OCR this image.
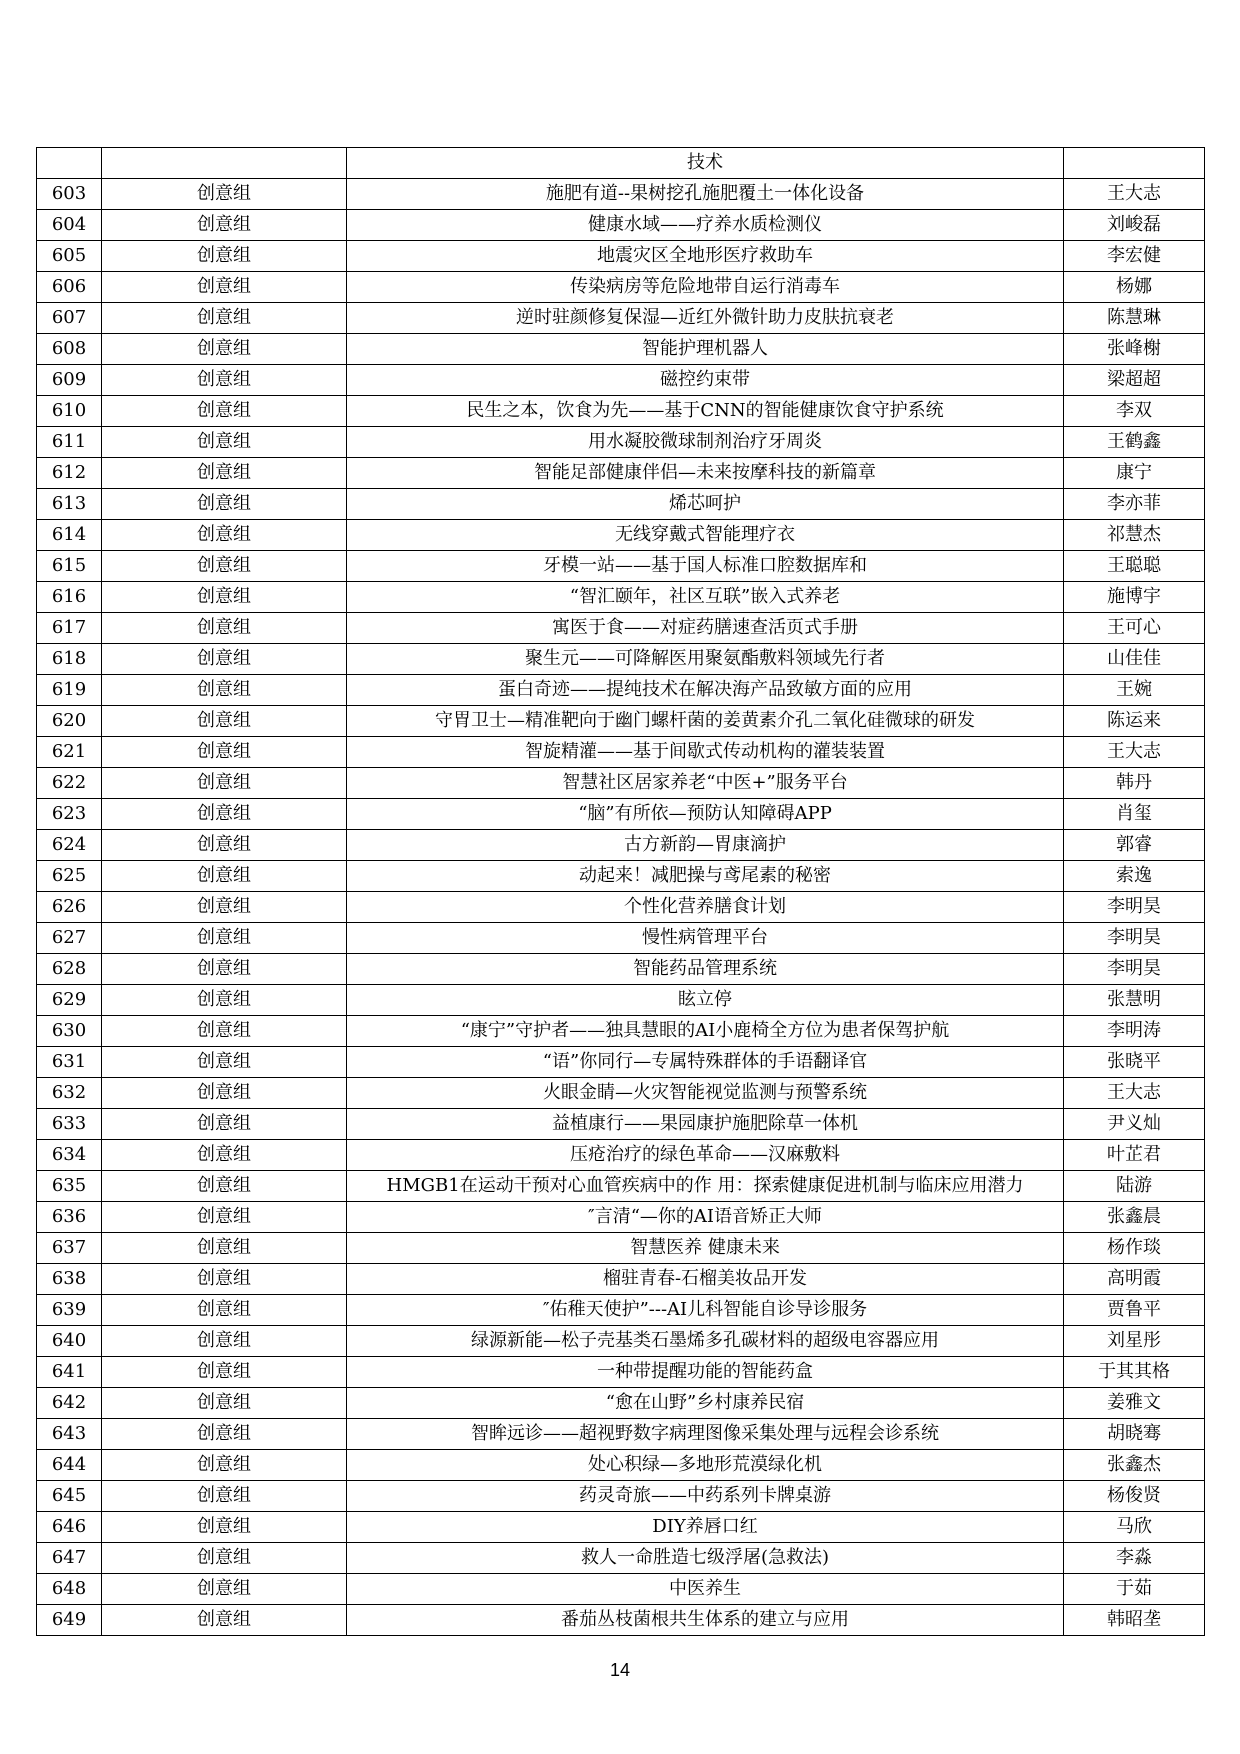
		技术	
603	创意组	施肥有道--果树挖孔施肥覆土一体化设备	王大志
604	创意组	健康水域——疗养水质检测仪	刘峻磊
605	创意组	地震灾区全地形医疗救助车	李宏健
606	创意组	传染病房等危险地带自运行消毒车	杨娜
607	创意组	逆时驻颜修复保湿—近红外微针助力皮肤抗衰老	陈慧琳
608	创意组	智能护理机器人	张峰榭
609	创意组	磁控约束带	梁超超
610	创意组	民生之本，饮食为先——基于CNN的智能健康饮食守护系统	李双
611	创意组	用水凝胶微球制剂治疗牙周炎	王鹤鑫
612	创意组	智能足部健康伴侣—未来按摩科技的新篇章	康宁
613	创意组	烯芯呵护	李亦菲
614	创意组	无线穿戴式智能理疗衣	祁慧杰
615	创意组	牙模一站——基于国人标准口腔数据库和	王聪聪
616	创意组	“智汇颐年，社区互联”嵌入式养老	施博宇
617	创意组	寓医于食——对症药膳速查活页式手册	王可心
618	创意组	聚生元——可降解医用聚氨酯敷料领域先行者	山佳佳
619	创意组	蛋白奇迹——提纯技术在解决海产品致敏方面的应用	王婉
620	创意组	守胃卫士—精准靶向于幽门螺杆菌的姜黄素介孔二氧化硅微球的研发	陈运来
621	创意组	智旋精灌——基于间歇式传动机构的灌装装置	王大志
622	创意组	智慧社区居家养老“中医+”服务平台	韩丹
623	创意组	“脑”有所依—预防认知障碍APP	肖玺
624	创意组	古方新韵—胃康滴护	郭睿
625	创意组	动起来！减肥操与鸢尾素的秘密	索逸
626	创意组	个性化营养膳食计划	李明昊
627	创意组	慢性病管理平台	李明昊
628	创意组	智能药品管理系统	李明昊
629	创意组	眩立停	张慧明
630	创意组	“康宁”守护者——独具慧眼的AI小鹿椅全方位为患者保驾护航	李明涛
631	创意组	“语”你同行—专属特殊群体的手语翻译官	张晓平
632	创意组	火眼金睛—火灾智能视觉监测与预警系统	王大志
633	创意组	益植康行——果园康护施肥除草一体机	尹义灿
634	创意组	压疮治疗的绿色革命——汉麻敷料	叶芷君
635	创意组	HMGB1在运动干预对心血管疾病中的作 用：探索健康促进机制与临床应用潜力	陆游
636	创意组	″言清“—你的AI语音矫正大师	张鑫晨
637	创意组	智慧医养 健康未来	杨作琰
638	创意组	榴驻青春-石榴美妆品开发	高明霞
639	创意组	″佑稚天使护”---AI儿科智能自诊导诊服务	贾鲁平
640	创意组	绿源新能—松子壳基类石墨烯多孔碳材料的超级电容器应用	刘星彤
641	创意组	一种带提醒功能的智能药盒	于其其格
642	创意组	“愈在山野”乡村康养民宿	姜雅文
643	创意组	智眸远诊——超视野数字病理图像采集处理与远程会诊系统	胡晓骞
644	创意组	处心积绿—多地形荒漠绿化机	张鑫杰
645	创意组	药灵奇旅——中药系列卡牌桌游	杨俊贤
646	创意组	DIY养唇口红	马欣
647	创意组	救人一命胜造七级浮屠(急救法)	李淼
648	创意组	中医养生	于茹
649	创意组	番茄丛枝菌根共生体系的建立与应用	韩昭垄
14
